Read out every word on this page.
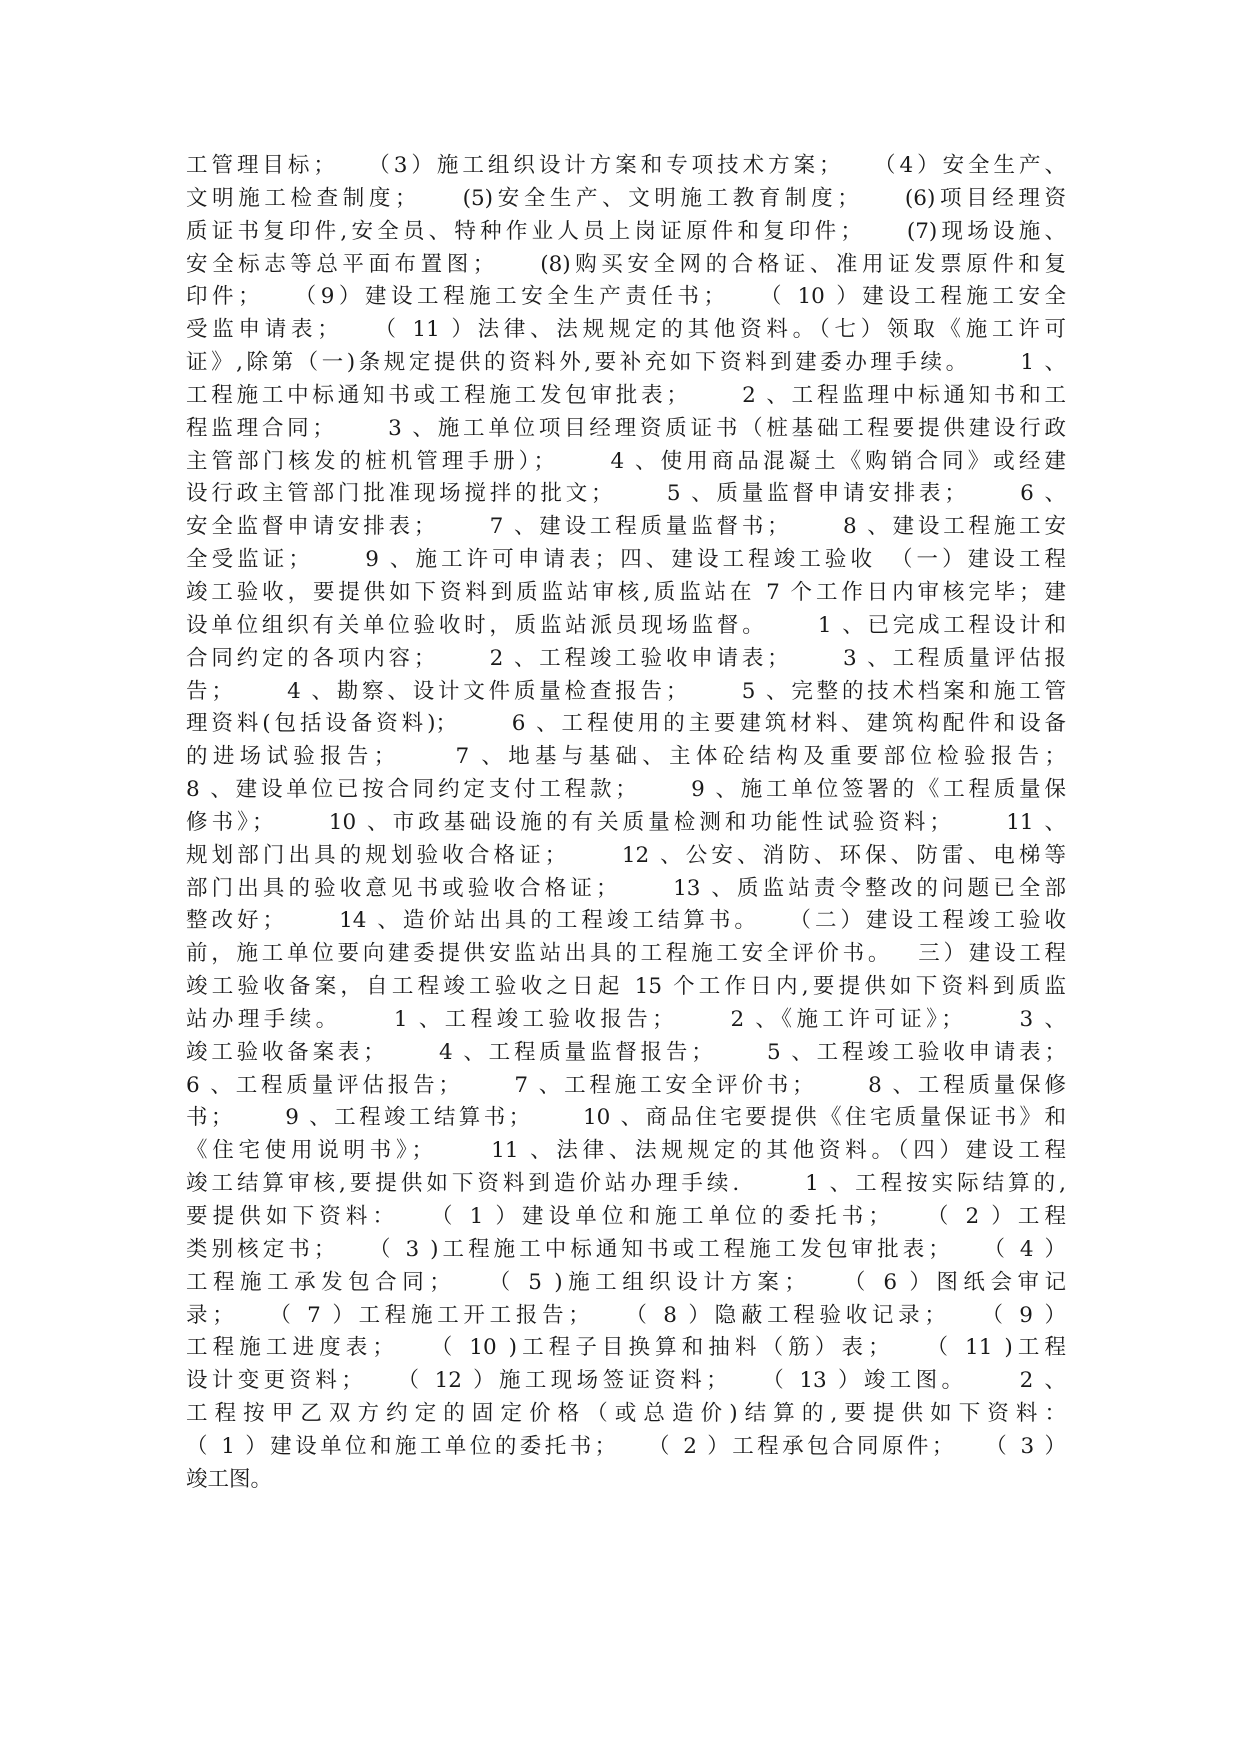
工管理目标；　　（3）施工组织设计方案和专项技术方案；　　（4）安全生产、
文明施工检查制度；　　(5)安全生产、文明施工教育制度；　　(6)项目经理资
质证书复印件,安全员、特种作业人员上岗证原件和复印件；　　(7)现场设施、
安全标志等总平面布置图；　　(8)购买安全网的合格证、准用证发票原件和复
印件；　　（9）建设工程施工安全生产责任书；　　（ 10 ）建设工程施工安全
受监申请表；　　（ 11 ）法律、法规规定的其他资料。（七）领取《施工许可
证》,除第（一)条规定提供的资料外,要补充如下资料到建委办理手续。　　 1 、
工程施工中标通知书或工程施工发包审批表；　　 2 、工程监理中标通知书和工
程监理合同；　　 3 、施工单位项目经理资质证书（桩基础工程要提供建设行政
主管部门核发的桩机管理手册）；　　 4 、使用商品混凝土《购销合同》或经建
设行政主管部门批准现场搅拌的批文；　　 5 、质量监督申请安排表；　　 6 、
安全监督申请安排表；　　 7 、建设工程质量监督书；　　 8 、建设工程施工安
全受监证；　　 9 、施工许可申请表；四、建设工程竣工验收　（一）建设工程
竣工验收，要提供如下资料到质监站审核,质监站在 7 个工作日内审核完毕；建
设单位组织有关单位验收时，质监站派员现场监督。　　 1 、已完成工程设计和
合同约定的各项内容；　　 2 、工程竣工验收申请表；　　 3 、工程质量评估报
告；　　 4 、勘察、设计文件质量检查报告；　　 5 、完整的技术档案和施工管
理资料(包括设备资料)；　　 6 、工程使用的主要建筑材料、建筑构配件和设备
的进场试验报告；　　 7 、地基与基础、主体砼结构及重要部位检验报告；
8 、建设单位已按合同约定支付工程款；　　 9 、施工单位签署的《工程质量保
修书》；　　 10 、市政基础设施的有关质量检测和功能性试验资料；　　 11 、
规划部门出具的规划验收合格证；　　 12 、公安、消防、环保、防雷、电梯等
部门出具的验收意见书或验收合格证；　　 13 、质监站责令整改的问题已全部
整改好；　　 14 、造价站出具的工程竣工结算书。　　（二）建设工程竣工验收
前，施工单位要向建委提供安监站出具的工程施工安全评价书。　 三）建设工程
竣工验收备案，自工程竣工验收之日起 15 个工作日内,要提供如下资料到质监
站办理手续。　　 1 、工程竣工验收报告；　　 2 、《施工许可证》；　　 3 、
竣工验收备案表；　　 4 、工程质量监督报告；　　 5 、工程竣工验收申请表；
6 、工程质量评估报告；　　 7 、工程施工安全评价书；　　 8 、工程质量保修
书；　　 9 、工程竣工结算书；　　 10 、商品住宅要提供《住宅质量保证书》和
《住宅使用说明书》；　　 11 、法律、法规规定的其他资料。（四）建设工程
竣工结算审核,要提供如下资料到造价站办理手续.　　 1 、工程按实际结算的,
要提供如下资料：　　（ 1 ）建设单位和施工单位的委托书；　　（ 2 ）工程
类别核定书；　　（ 3 )工程施工中标通知书或工程施工发包审批表；　　（ 4 ）
工程施工承发包合同；　　（ 5 )施工组织设计方案；　　（ 6 ）图纸会审记
录；　　（ 7 ）工程施工开工报告；　　（ 8 ）隐蔽工程验收记录；　　（ 9 ）
工程施工进度表；　　（ 10 )工程子目换算和抽料（筋）表；　　（ 11 )工程
设计变更资料；　　（ 12 ）施工现场签证资料；　　（ 13 ）竣工图。　　 2 、
工程按甲乙双方约定的固定价格（或总造价)结算的,要提供如下资料：
（ 1 ）建设单位和施工单位的委托书；　　（ 2 ）工程承包合同原件；　　（ 3 ）
竣工图。
